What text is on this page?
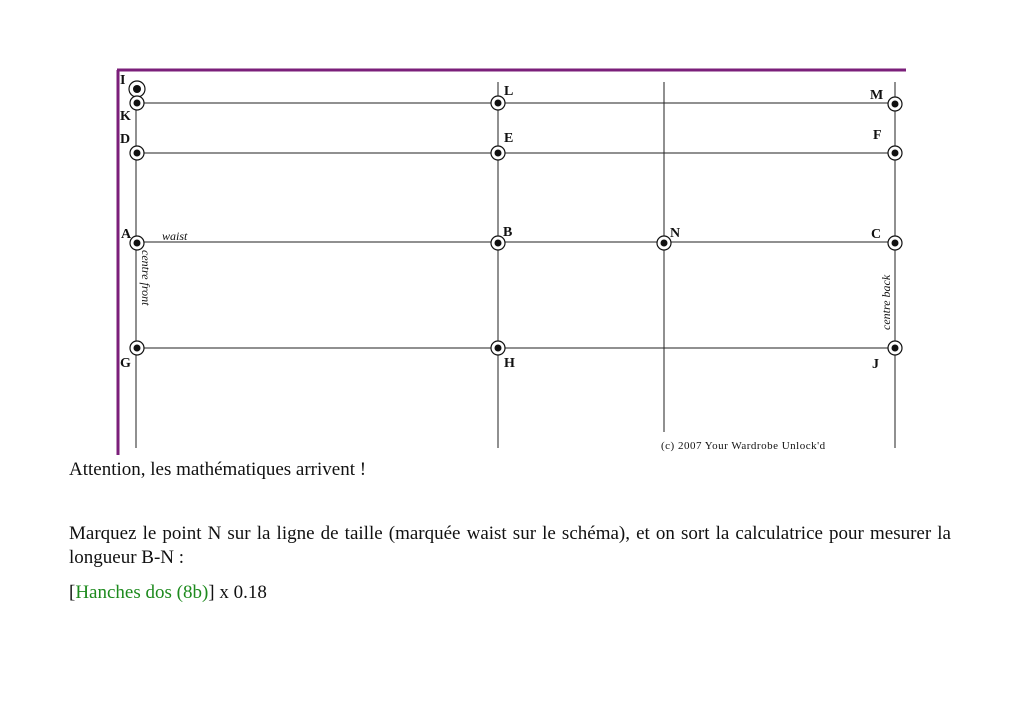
I
K
L	M
D	E	F
A	B	N	C
G	H	J
waist
centre front	centre back
(c) 2007 Your Wardrobe Unlock'd

Attention, les mathématiques arrivent !

Marquez le point N sur la ligne de taille (marquée waist sur le schéma), et on sort la calculatrice pour mesurer la longueur B-N :

[Hanches dos (8b)] x 0.18
